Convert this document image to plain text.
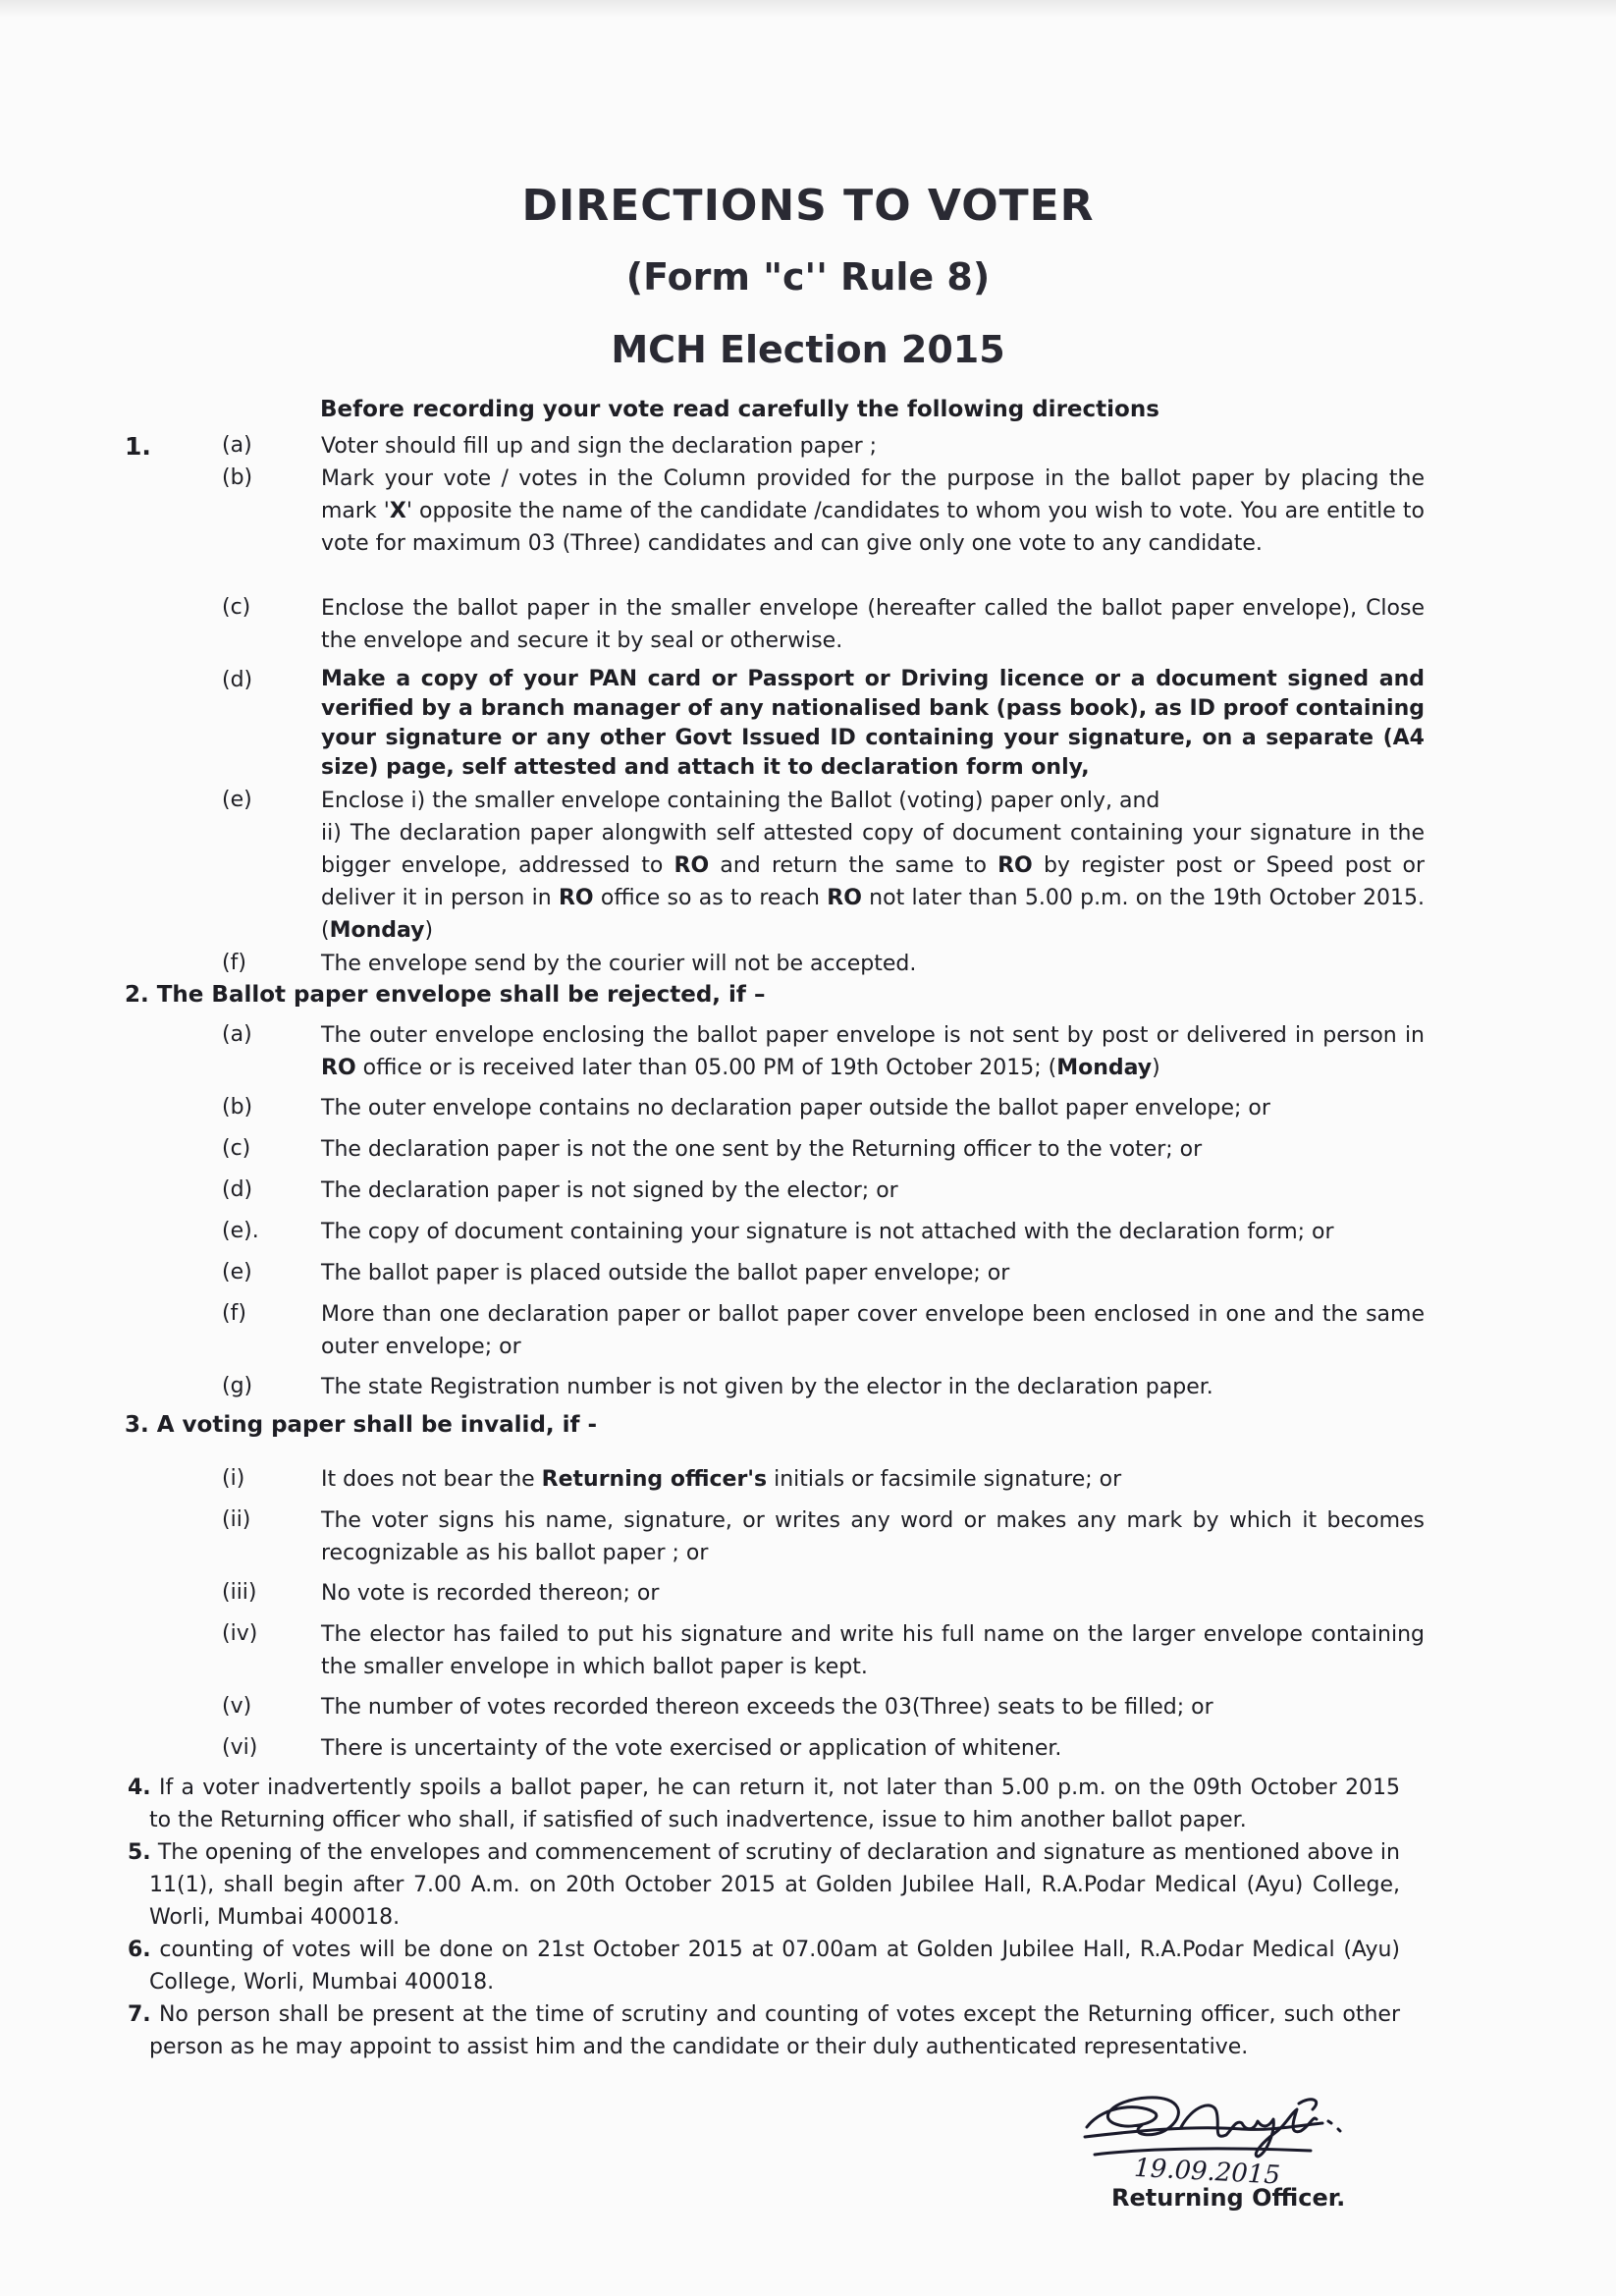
DIRECTIONS TO VOTER
(Form "c'' Rule 8)
MCH Election 2015
Before recording your vote read carefully the following directions
1.	(a)	Voter should fill up and sign the declaration paper ;
(b)	Mark your vote / votes in the Column provided for the purpose in the ballot paper by placing the mark 'X' opposite the name of the candidate /candidates to whom you wish to vote. You are entitle to vote for maximum 03 (Three) candidates and can give only one vote to any candidate.
(c)	Enclose the ballot paper in the smaller envelope (hereafter called the ballot paper envelope), Close the envelope and secure it by seal or otherwise.
(d)	Make a copy of your PAN card or Passport or Driving licence or a document signed and verified by a branch manager of any nationalised bank (pass book), as ID proof containing your signature or any other Govt Issued ID containing your signature, on a separate (A4 size) page, self attested and attach it to declaration form only,
(e)	Enclose i) the smaller envelope containing the Ballot (voting) paper only, and
ii) The declaration paper alongwith self attested copy of document containing your signature in the bigger envelope, addressed to RO and return the same to RO by register post or Speed post or deliver it in person in RO office so as to reach RO not later than 5.00 p.m. on the 19th October 2015. (Monday)
(f)	The envelope send by the courier will not be accepted.
2. The Ballot paper envelope shall be rejected, if –
(a)	The outer envelope enclosing the ballot paper envelope is not sent by post or delivered in person in RO office or is received later than 05.00 PM of 19th October 2015; (Monday)
(b)	The outer envelope contains no declaration paper outside the ballot paper envelope; or
(c)	The declaration paper is not the one sent by the Returning officer to the voter; or
(d)	The declaration paper is not signed by the elector; or
(e).	The copy of document containing your signature is not attached with the declaration form; or
(e)	The ballot paper is placed outside the ballot paper envelope; or
(f)	More than one declaration paper or ballot paper cover envelope been enclosed in one and the same outer envelope; or
(g)	The state Registration number is not given by the elector in the declaration paper.
3. A voting paper shall be invalid, if -
(i)	It does not bear the Returning officer's initials or facsimile signature; or
(ii)	The voter signs his name, signature, or writes any word or makes any mark by which it becomes recognizable as his ballot paper ; or
(iii)	No vote is recorded thereon; or
(iv)	The elector has failed to put his signature and write his full name on the larger envelope containing the smaller envelope in which ballot paper is kept.
(v)	The number of votes recorded thereon exceeds the 03(Three) seats to be filled; or
(vi)	There is uncertainty of the vote exercised or application of whitener.
4. If a voter inadvertently spoils a ballot paper, he can return it, not later than 5.00 p.m. on the 09th October 2015 to the Returning officer who shall, if satisfied of such inadvertence, issue to him another ballot paper.
5. The opening of the envelopes and commencement of scrutiny of declaration and signature as mentioned above in 11(1), shall begin after 7.00 A.m. on 20th October 2015 at Golden Jubilee Hall, R.A.Podar Medical (Ayu) College, Worli, Mumbai 400018.
6. counting of votes will be done on 21st October 2015 at 07.00am at Golden Jubilee Hall, R.A.Podar Medical (Ayu) College, Worli, Mumbai 400018.
7. No person shall be present at the time of scrutiny and counting of votes except the Returning officer, such other person as he may appoint to assist him and the candidate or their duly authenticated representative.
19.09.2015
Returning Officer.
